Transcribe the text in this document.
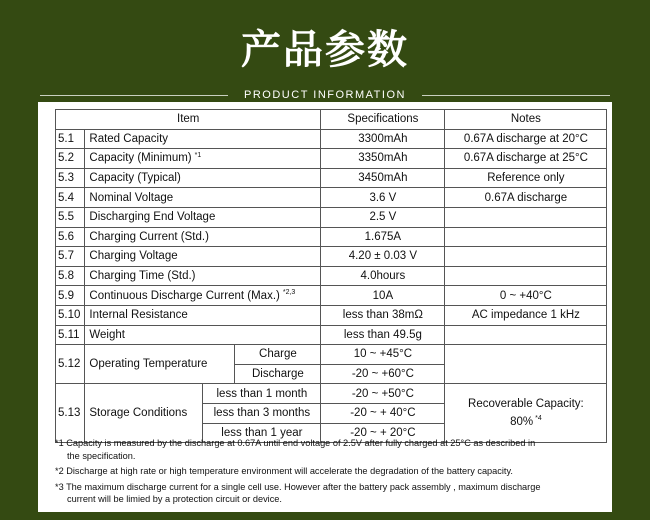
产品参数
PRODUCT INFORMATION
Item				Specifications	Notes
5.1	Rated Capacity			3300mAh	0.67A discharge at 20°C
5.2	Capacity (Minimum) $^{*1}$			3350mAh	0.67A discharge at 25°C
5.3	Capacity (Typical)			3450mAh	Reference only
5.4	Nominal Voltage			3.6 V	0.67A discharge
5.5	Discharging End Voltage			2.5 V	
5.6	Charging Current (Std.)			1.675A	
5.7	Charging Voltage			4.20 ± 0.03 V	
5.8	Charging Time (Std.)			4.0hours	
5.9	Continuous Discharge Current (Max.) $^{*2,3}$			10A	0 ~ +40°C
5.10	Internal Resistance			less than 38mΩ	AC impedance 1 kHz
5.11	Weight			less than 49.5g	
5.12	Operating Temperature		Charge	10 ~ +45°C	
			Discharge	-20 ~ +60°C	
5.13	Storage Conditions	less than 1 month		-20 ~ +50°C	Recoverable Capacity:
80% $^{*4}$

		less than 3 months		-20 ~ + 40°C	
		less than 1 year		-20 ~ + 20°C	

*1 Capacity is measured by the discharge at 0.67A until end voltage of 2.5V after fully charged at 25°C as described in
the specification.

*2 Discharge at high rate or high temperature environment will accelerate the degradation of the battery capacity.

*3 The maximum discharge current for a single cell use. However after the battery pack assembly , maximum discharge
current will be limied by a protection circuit or device.
